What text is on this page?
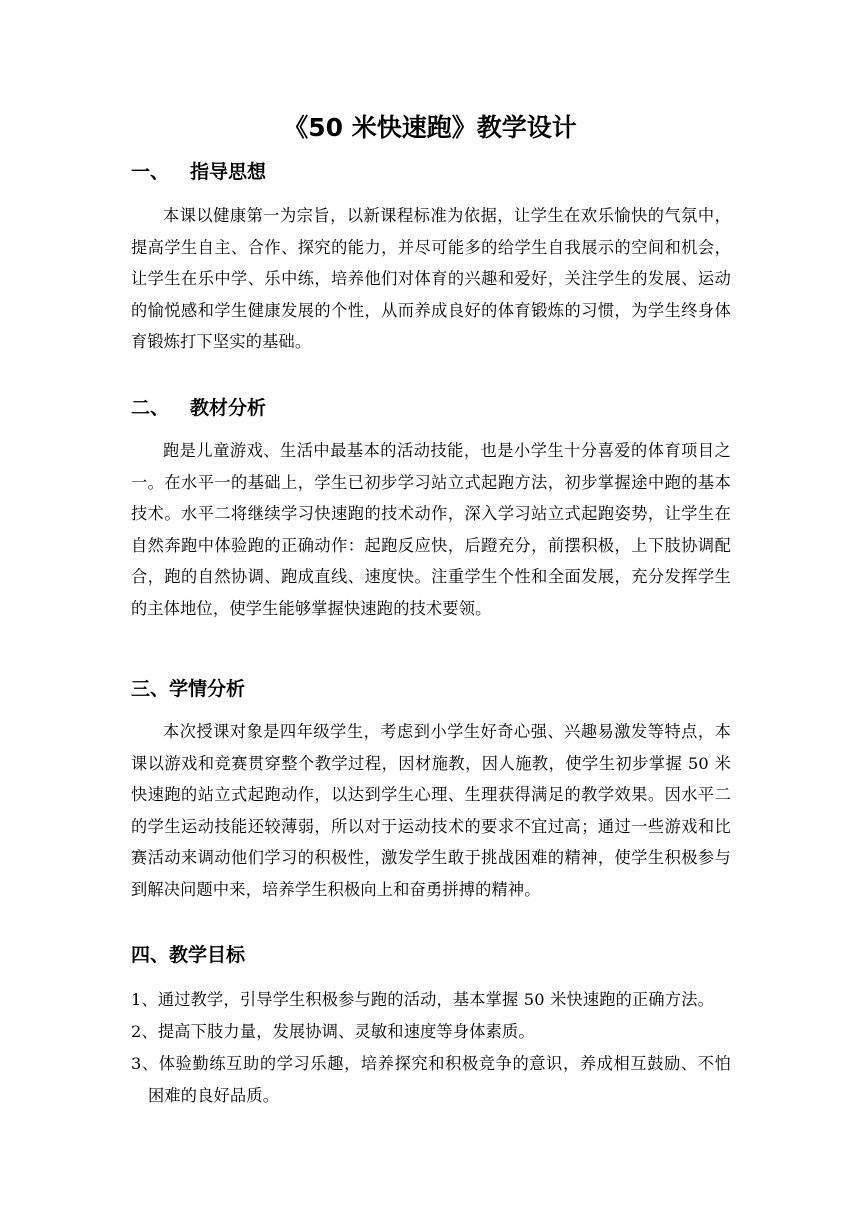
《50 米快速跑》教学设计
一、 指导思想
本课以健康第一为宗旨，以新课程标准为依据，让学生在欢乐愉快的气氛中，提高学生自主、合作、探究的能力，并尽可能多的给学生自我展示的空间和机会，让学生在乐中学、乐中练，培养他们对体育的兴趣和爱好，关注学生的发展、运动的愉悦感和学生健康发展的个性，从而养成良好的体育锻炼的习惯，为学生终身体育锻炼打下坚实的基础。
二、 教材分析
跑是儿童游戏、生活中最基本的活动技能，也是小学生十分喜爱的体育项目之一。在水平一的基础上，学生已初步学习站立式起跑方法，初步掌握途中跑的基本技术。水平二将继续学习快速跑的技术动作，深入学习站立式起跑姿势，让学生在自然奔跑中体验跑的正确动作：起跑反应快，后蹬充分，前摆积极，上下肢协调配合，跑的自然协调、跑成直线、速度快。注重学生个性和全面发展，充分发挥学生的主体地位，使学生能够掌握快速跑的技术要领。
三、学情分析
本次授课对象是四年级学生，考虑到小学生好奇心强、兴趣易激发等特点，本课以游戏和竞赛贯穿整个教学过程，因材施教，因人施教，使学生初步掌握 50 米快速跑的站立式起跑动作，以达到学生心理、生理获得满足的教学效果。因水平二的学生运动技能还较薄弱，所以对于运动技术的要求不宜过高；通过一些游戏和比赛活动来调动他们学习的积极性，激发学生敢于挑战困难的精神，使学生积极参与到解决问题中来，培养学生积极向上和奋勇拼搏的精神。
四、教学目标
1、通过教学，引导学生积极参与跑的活动，基本掌握 50 米快速跑的正确方法。
2、提高下肢力量，发展协调、灵敏和速度等身体素质。
3、体验勤练互助的学习乐趣，培养探究和积极竞争的意识，养成相互鼓励、不怕困难的良好品质。
